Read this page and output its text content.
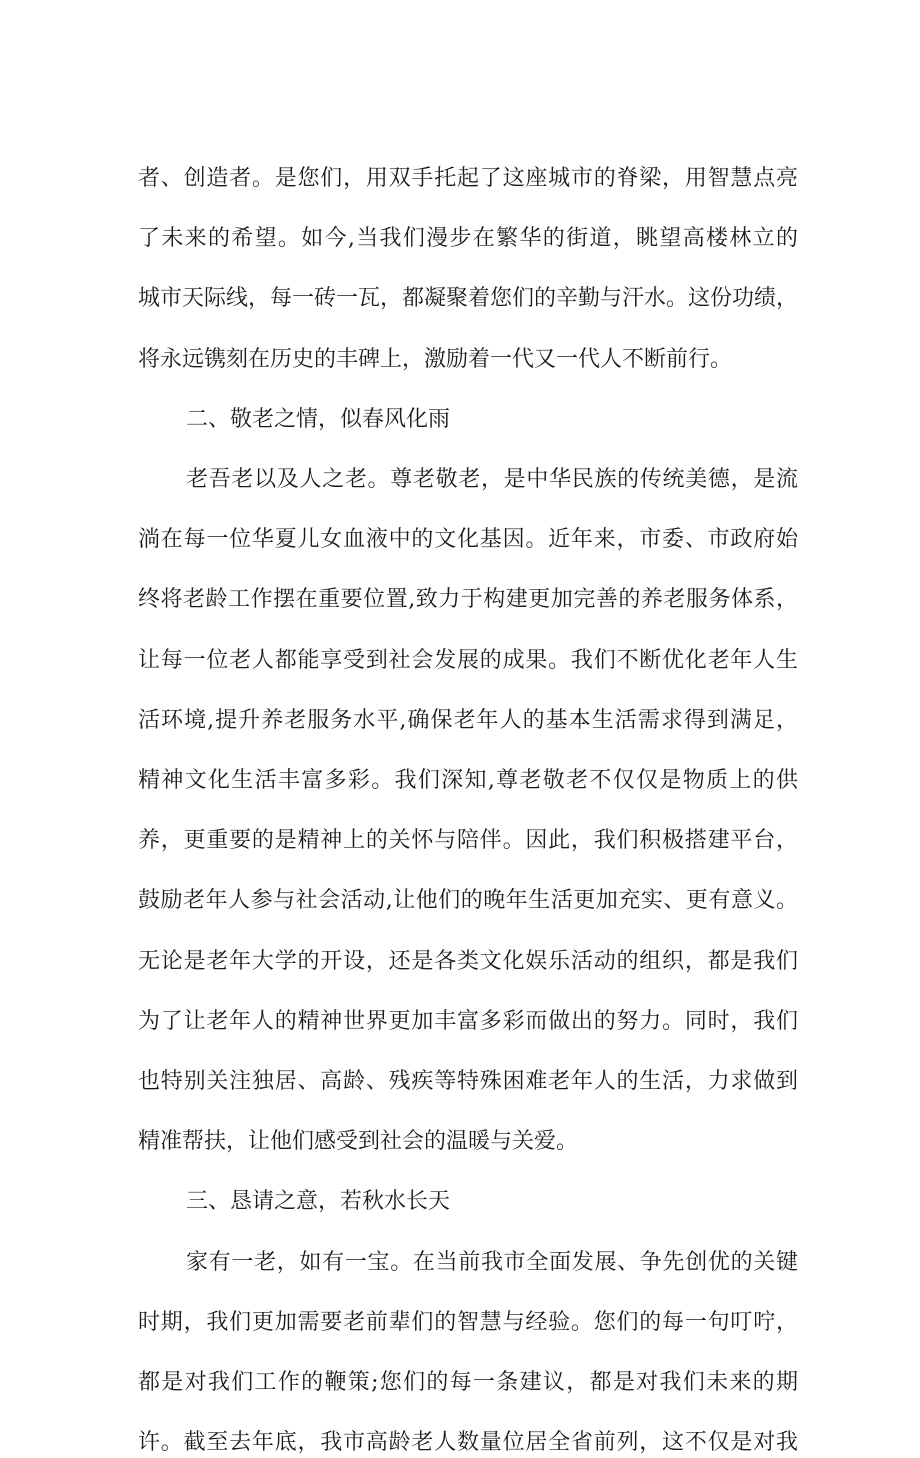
者、创造者。是您们，用双手托起了这座城市的脊梁，用智慧点亮
了未来的希望。如今,当我们漫步在繁华的街道，眺望高楼林立的
城市天际线，每一砖一瓦，都凝聚着您们的辛勤与汗水。这份功绩，
将永远镌刻在历史的丰碑上，激励着一代又一代人不断前行。
二、敬老之情，似春风化雨
老吾老以及人之老。尊老敬老，是中华民族的传统美德，是流
淌在每一位华夏儿女血液中的文化基因。近年来，市委、市政府始
终将老龄工作摆在重要位置,致力于构建更加完善的养老服务体系，
让每一位老人都能享受到社会发展的成果。我们不断优化老年人生
活环境,提升养老服务水平,确保老年人的基本生活需求得到满足，
精神文化生活丰富多彩。我们深知,尊老敬老不仅仅是物质上的供
养，更重要的是精神上的关怀与陪伴。因此，我们积极搭建平台，
鼓励老年人参与社会活动,让他们的晚年生活更加充实、更有意义。
无论是老年大学的开设，还是各类文化娱乐活动的组织，都是我们
为了让老年人的精神世界更加丰富多彩而做出的努力。同时，我们
也特别关注独居、高龄、残疾等特殊困难老年人的生活，力求做到
精准帮扶，让他们感受到社会的温暖与关爱。
三、恳请之意，若秋水长天
家有一老，如有一宝。在当前我市全面发展、争先创优的关键
时期，我们更加需要老前辈们的智慧与经验。您们的每一句叮咛，
都是对我们工作的鞭策;您们的每一条建议，都是对我们未来的期
许。截至去年底，我市高龄老人数量位居全省前列，这不仅是对我
